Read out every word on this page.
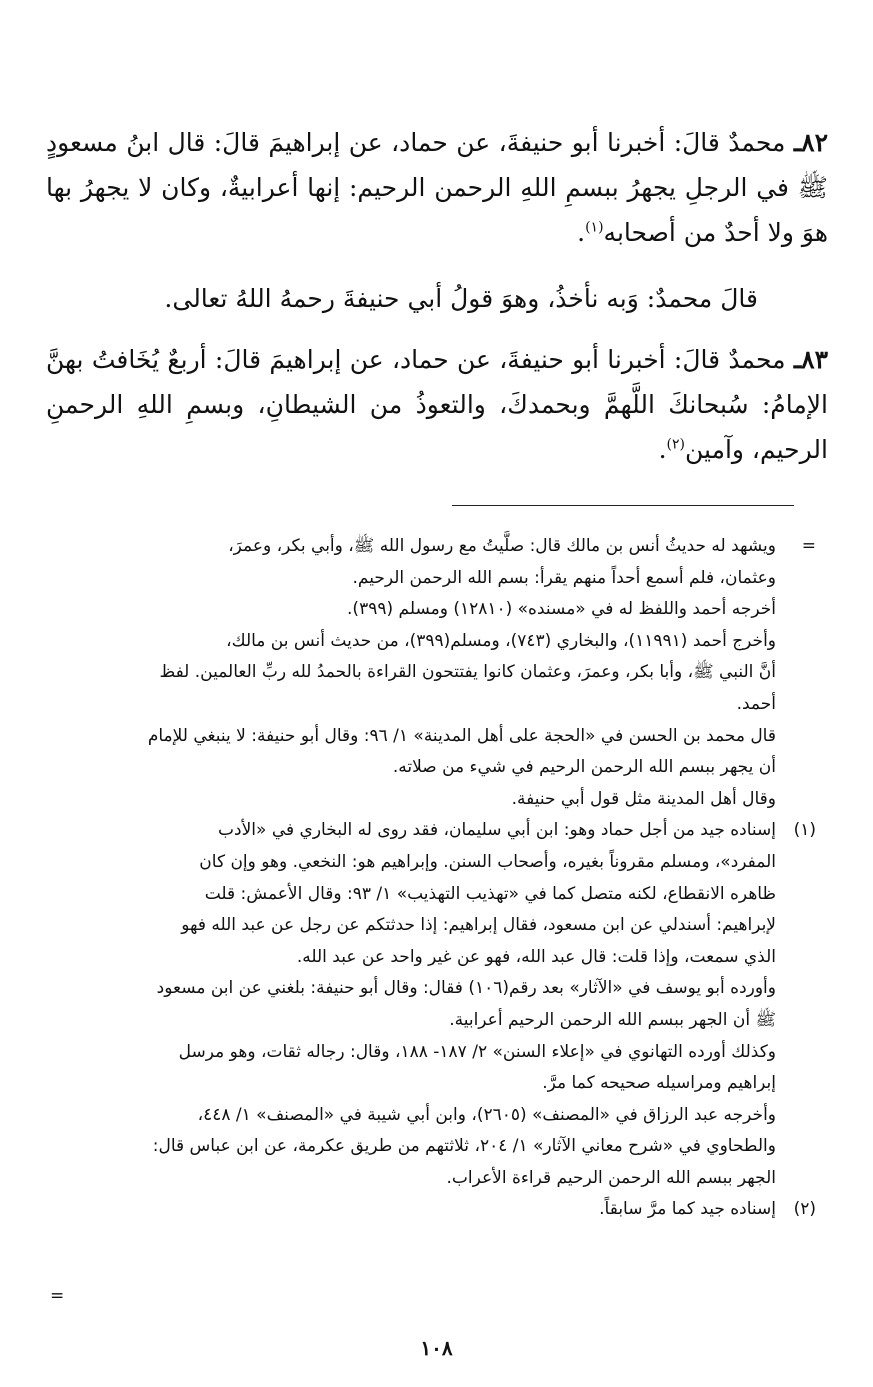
٨٢ـ محمدٌ قالَ: أخبرنا أبو حنيفةَ، عن حماد، عن إبراهيمَ قالَ: قال ابنُ مسعودٍ ﷺ في الرجلِ يجهرُ ببسمِ اللهِ الرحمن الرحيم: إنها أعرابيةٌ، وكان لا يجهرُ بها هوَ ولا أحدٌ من أصحابه$^{(١)}$.
قالَ محمدٌ: وَبه نأخذُ، وهوَ قولُ أبي حنيفةَ رحمهُ اللهُ تعالى.
٨٣ـ محمدٌ قالَ: أخبرنا أبو حنيفةَ، عن حماد، عن إبراهيمَ قالَ: أربعٌ يُخَافتُ بهنَّ الإمامُ: سُبحانكَ اللَّهمَّ وبحمدكَ، والتعوذُ من الشيطانِ، وبسمِ اللهِ الرحمنِ الرحيم، وآمين$^{(٢)}$.
=
ويشهد له حديثُ أنس بن مالك قال: صلَّيتُ مع رسول الله ﷺ، وأبي بكر، وعمرَ،
وعثمان، فلم أسمع أحداً منهم يقرأ: بسم الله الرحمن الرحيم.
أخرجه أحمد واللفظ له في «مسنده» (١٢٨١٠) ومسلم (٣٩٩).
وأخرج أحمد (١١٩٩١)، والبخاري (٧٤٣)، ومسلم(٣٩٩)، من حديث أنس بن مالك،
أنَّ النبي ﷺ، وأبا بكر، وعمرَ، وعثمان كانوا يفتتحون القراءة بالحمدُ لله ربِّ العالمين. لفظ
أحمد.
قال محمد بن الحسن في «الحجة على أهل المدينة» ١/ ٩٦: وقال أبو حنيفة: لا ينبغي للإمام
أن يجهر ببسم الله الرحمن الرحيم في شيء من صلاته.
وقال أهل المدينة مثل قول أبي حنيفة.
(١)
إسناده جيد من أجل حماد وهو: ابن أبي سليمان، فقد روى له البخاري في «الأدب
المفرد»، ومسلم مقروناً بغيره، وأصحاب السنن. وإبراهيم هو: النخعي. وهو وإن كان
ظاهره الانقطاع، لكنه متصل كما في «تهذيب التهذيب» ١/ ٩٣: وقال الأعمش: قلت
لإبراهيم: أسندلي عن ابن مسعود، فقال إبراهيم: إذا حدثتكم عن رجل عن عبد الله فهو
الذي سمعت، وإذا قلت: قال عبد الله، فهو عن غير واحد عن عبد الله.
وأورده أبو يوسف في «الآثار» بعد رقم(١٠٦) فقال: وقال أبو حنيفة: بلغني عن ابن مسعود
ﷺ أن الجهر ببسم الله الرحمن الرحيم أعرابية.
وكذلك أورده التهانوي في «إعلاء السنن» ٢/ ١٨٧- ١٨٨، وقال: رجاله ثقات، وهو مرسل
إبراهيم ومراسيله صحيحه كما مرَّ.
وأخرجه عبد الرزاق في «المصنف» (٢٦٠٥)، وابن أبي شيبة في «المصنف» ١/ ٤٤٨،
والطحاوي في «شرح معاني الآثار» ١/ ٢٠٤، ثلاثتهم من طريق عكرمة، عن ابن عباس قال:
الجهر ببسم الله الرحمن الرحيم قراءة الأعراب.
(٢)
إسناده جيد كما مرَّ سابقاً.
=
١٠٨
